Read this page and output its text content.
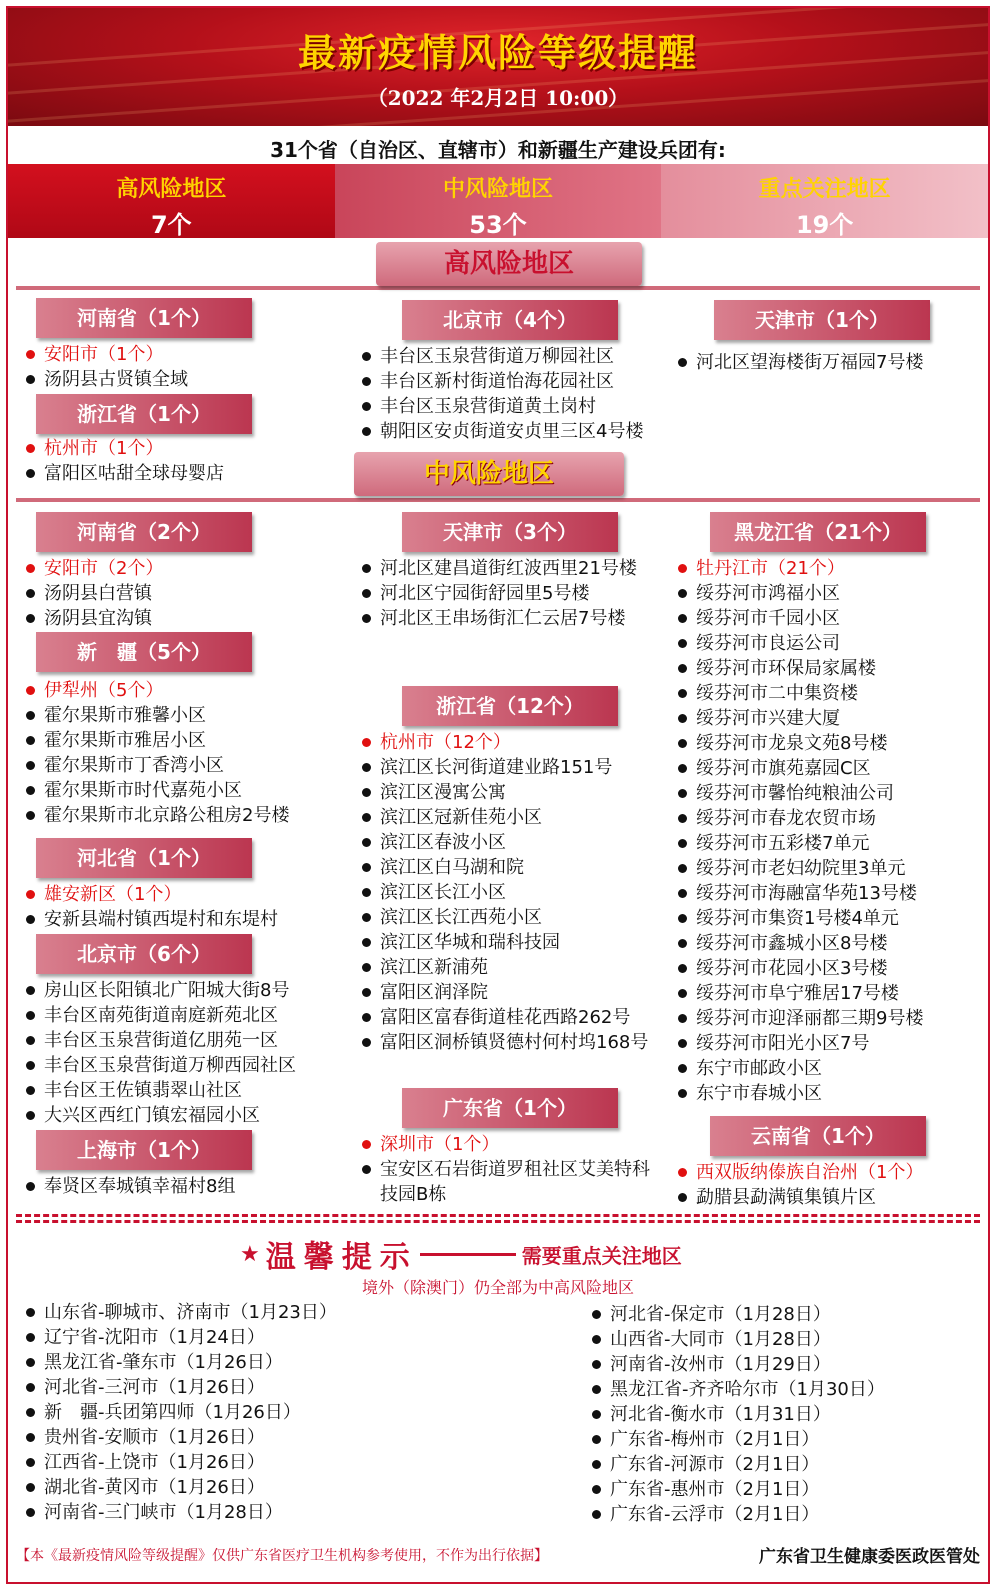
最新疫情风险等级提醒
（2022 年2月2日 10:00）
31个省（自治区、直辖市）和新疆生产建设兵团有:
高风险地区
7个
中风险地区
53个
重点关注地区
19个
高风险地区
河南省（1个）
安阳市（1个）
汤阴县古贤镇全域
浙江省（1个）
杭州市（1个）
富阳区咕甜全球母婴店
北京市（4个）
丰台区玉泉营街道万柳园社区
丰台区新村街道怡海花园社区
丰台区玉泉营街道黄土岗村
朝阳区安贞街道安贞里三区4号楼
天津市（1个）
河北区望海楼街万福园7号楼
中风险地区
河南省（2个）
安阳市（2个）
汤阴县白营镇
汤阴县宜沟镇
新　疆（5个）
伊犁州（5个）
霍尔果斯市雅馨小区
霍尔果斯市雅居小区
霍尔果斯市丁香湾小区
霍尔果斯市时代嘉苑小区
霍尔果斯市北京路公租房2号楼
河北省（1个）
雄安新区（1个）
安新县端村镇西堤村和东堤村
北京市（6个）
房山区长阳镇北广阳城大街8号
丰台区南苑街道南庭新苑北区
丰台区玉泉营街道亿朋苑一区
丰台区玉泉营街道万柳西园社区
丰台区王佐镇翡翠山社区
大兴区西红门镇宏福园小区
上海市（1个）
奉贤区奉城镇幸福村8组
天津市（3个）
河北区建昌道街红波西里21号楼
河北区宁园街舒园里5号楼
河北区王串场街汇仁云居7号楼
浙江省（12个）
杭州市（12个）
滨江区长河街道建业路151号
滨江区漫寓公寓
滨江区冠新佳苑小区
滨江区春波小区
滨江区白马湖和院
滨江区长江小区
滨江区长江西苑小区
滨江区华城和瑞科技园
滨江区新浦苑
富阳区润泽院
富阳区富春街道桂花西路262号
富阳区洞桥镇贤德村何村坞168号
广东省（1个）
深圳市（1个）
宝安区石岩街道罗租社区艾美特科技园B栋
黑龙江省（21个）
牡丹江市（21个）
绥芬河市鸿福小区
绥芬河市千园小区
绥芬河市良运公司
绥芬河市环保局家属楼
绥芬河市二中集资楼
绥芬河市兴建大厦
绥芬河市龙泉文苑8号楼
绥芬河市旗苑嘉园C区
绥芬河市馨怡纯粮油公司
绥芬河市春龙农贸市场
绥芬河市五彩楼7单元
绥芬河市老妇幼院里3单元
绥芬河市海融富华苑13号楼
绥芬河市集资1号楼4单元
绥芬河市鑫城小区8号楼
绥芬河市花园小区3号楼
绥芬河市阜宁雅居17号楼
绥芬河市迎泽丽都三期9号楼
绥芬河市阳光小区7号
东宁市邮政小区
东宁市春城小区
云南省（1个）
西双版纳傣族自治州（1个）
勐腊县勐满镇集镇片区
★ 温馨提示	需要重点关注地区
境外（除澳门）仍全部为中高风险地区
山东省-聊城市、济南市（1月23日）
辽宁省-沈阳市（1月24日）
黑龙江省-肇东市（1月26日）
河北省-三河市（1月26日）
新　疆-兵团第四师（1月26日）
贵州省-安顺市（1月26日）
江西省-上饶市（1月26日）
湖北省-黄冈市（1月26日）
河南省-三门峡市（1月28日）
河北省-保定市（1月28日）
山西省-大同市（1月28日）
河南省-汝州市（1月29日）
黑龙江省-齐齐哈尔市（1月30日）
河北省-衡水市（1月31日）
广东省-梅州市（2月1日）
广东省-河源市（2月1日）
广东省-惠州市（2月1日）
广东省-云浮市（2月1日）
【本《最新疫情风险等级提醒》仅供广东省医疗卫生机构参考使用，不作为出行依据】	广东省卫生健康委医政医管处
